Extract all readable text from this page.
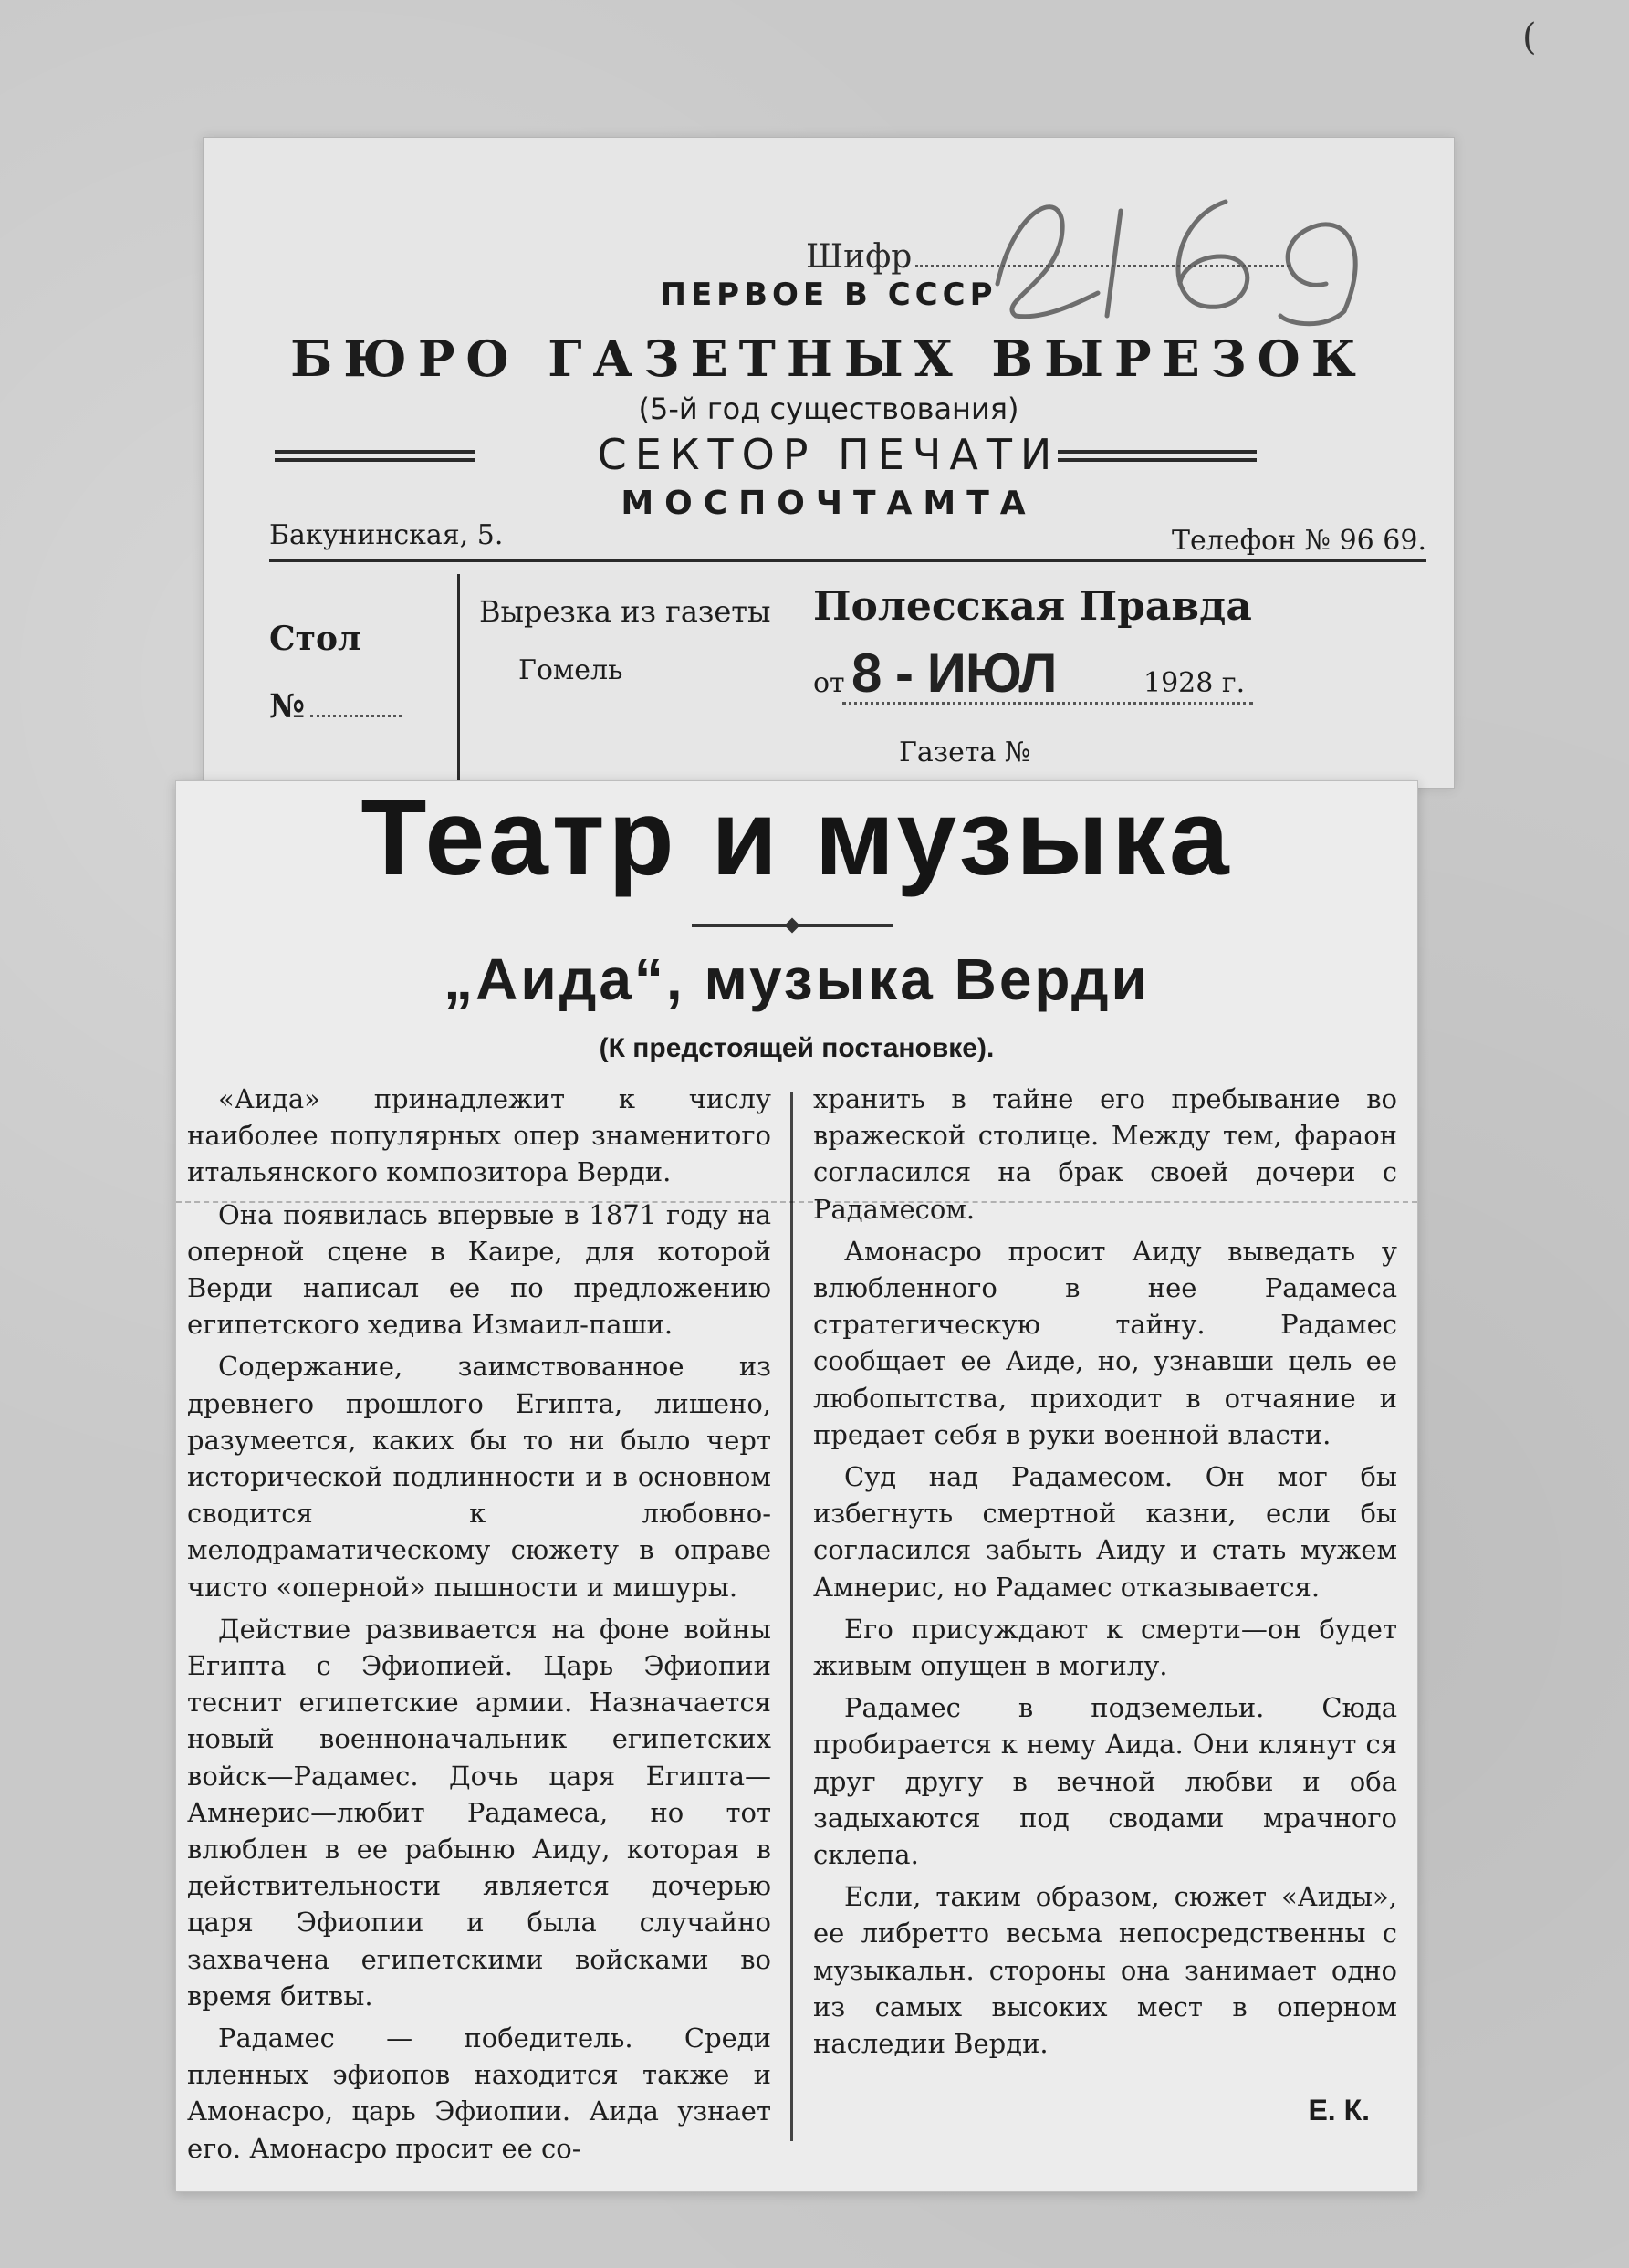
(
Шифр
ПЕРВОЕ В СССР
БЮРО ГАЗЕТНЫХ ВЫРЕЗОК
(5-й год существования)
СЕКТОР ПЕЧАТИ
МОСПОЧТАМТА
Бакунинская, 5.	Телефон № 96 69.
Стол
№
Вырезка из газеты Полесская Правда
Гомель	от 8 - ИЮЛ	1928 г.
Газета №
Театр и музыка
„Аида“, музыка Верди
(К предстоящей постановке).

«Аида» принадлежит к числу наиболее популярных опер знаменитого итальянского композитора Верди.

Она появилась впервые в 1871 году на оперной сцене в Каире, для которой Верди написал ее по предложению египетского хедива Измаил-паши.

Содержание, заимствованное из древнего прошлого Египта, лишено, разумеется, каких бы то ни было черт исторической подлинности и в основном сводится к любовно-мелодраматическому сюжету в оправе чисто «оперной» пышности и мишуры.

Действие развивается на фоне войны Египта с Эфиопией. Царь Эфиопии теснит египетские армии. Назначается новый военноначальник египетских войск—Радамес. Дочь царя Египта—Амнерис—любит Радамеса, но тот влюблен в ее рабыню Аиду, которая в действительности является дочерью царя Эфиопии и была случайно захвачена египетскими войсками во время битвы.

Радамес — победитель. Среди пленных эфиопов находится также и Амонасро, царь Эфиопии. Аида узнает его. Амонасро просит ее со-

хранить в тайне его пребывание во вражеской столице. Между тем, фараон согласился на брак своей дочери с Радамесом.

Амонасро просит Аиду выведать у влюбленного в нее Радамеса стратегическую тайну. Радамес сообщает ее Аиде, но, узнавши цель ее любопытства, приходит в отчаяние и предает себя в руки военной власти.

Суд над Радамесом. Он мог бы избегнуть смертной казни, если бы согласился забыть Аиду и стать мужем Амнерис, но Радамес отказывается.

Его присуждают к смерти—он будет живым опущен в могилу.

Радамес в подземельи. Сюда пробирается к нему Аида. Они клянут ся друг другу в вечной любви и оба задыхаются под сводами мрачного склепа.

Если, таким образом, сюжет «Аиды», ее либретто весьма непосредственны с музыкальн. стороны она занимает одно из самых высоких мест в оперном наследии Верди.

Е. К.
